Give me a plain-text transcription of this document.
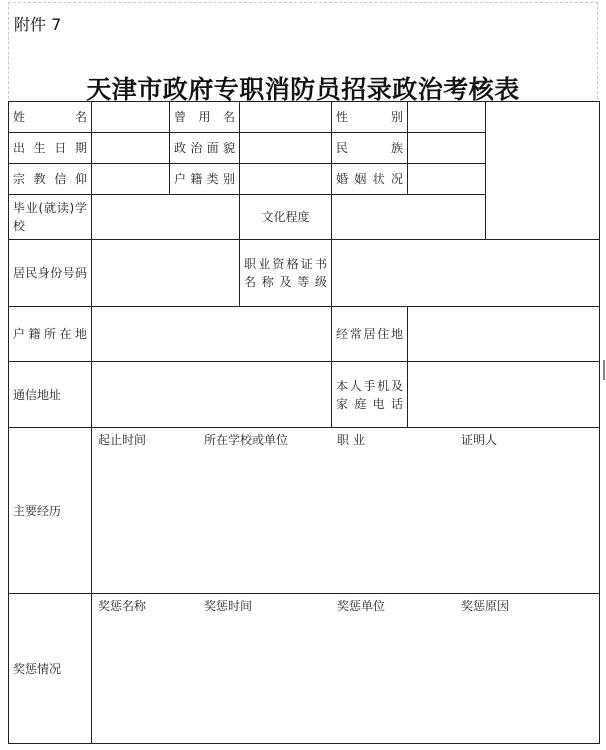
附件 7
天津市政府专职消防员招录政治考核表
姓 名		曾 用 名		性 别		
出生日期		政治面貌		民 族		
宗教信仰		户籍类别		婚姻状况		
毕业(就读)学校			文化程度			
居民身份号码			职业资格证书名称及等级			
户籍所在地				经常居住地		
通信地址				本人手机及家庭电话		
主要经历	起止时间 所在学校或单位 职 业 证明人					

奖惩情况	奖惩名称 奖惩时间 奖惩单位 奖惩原因					
